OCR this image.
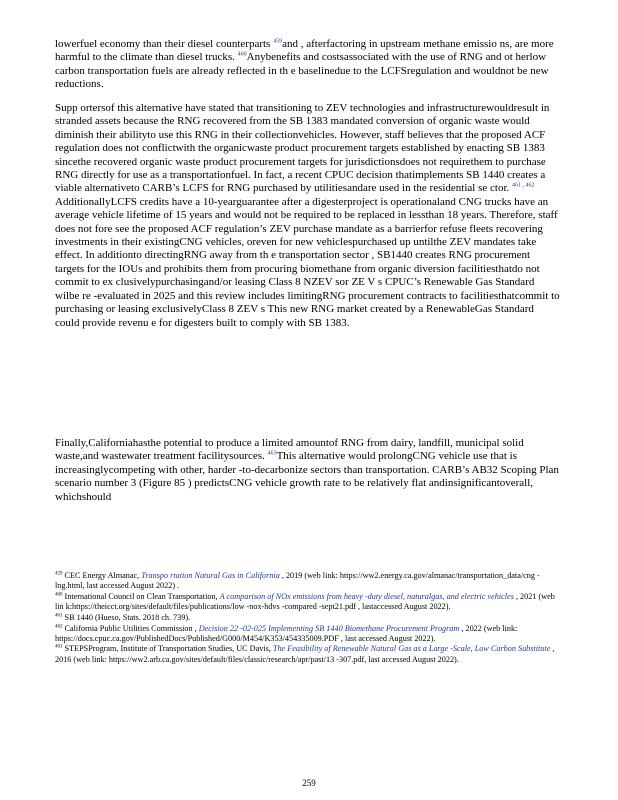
lowerfuel economy than their diesel counterparts $^{459}$and , afterfactoring in upstream methane emissio ns, are more harmful to the climate than diesel trucks. $^{460}$Anybenefits and costsassociated with the use of RNG and ot herlow carbon transportation fuels are already reflected in th e baselinedue to the LCFSregulation and wouldnot be new reductions.

Supp ortersof this alternative have stated that transitioning to ZEV technologies and infrastructurewouldresult in stranded assets because the RNG recovered from the SB 1383 mandated conversion of organic waste would diminish their abilityto use this RNG in their collectionvehicles. However, staff believes that the proposed ACF regulation does not conflictwith the organicwaste product procurement targets established by enacting SB 1383 sincethe recovered organic waste product procurement targets for jurisdictionsdoes not requirethem to purchase RNG directly for use as a transportationfuel. In fact, a recent CPUC decision thatimplements SB 1440 creates a viable alternativeto CARB’s LCFS for RNG purchased by utilitiesandare used in the residential se ctor. $^{461}$ , $^{462}$ AdditionallyLCFS credits have a 10-yearguarantee after a digesterproject is operationaland CNG trucks have an average vehicle lifetime of 15 years and would not be required to be replaced in lessthan 18 years. Therefore, staff does not fore see the proposed ACF regulation’s ZEV purchase mandate as a barrierfor refuse fleets recovering investments in their existingCNG vehicles, oreven for new vehiclespurchased up untilthe ZEV mandates take effect. In additionto directingRNG away from th e transportation sector , SB1440 creates RNG procurement targets for the IOUs and prohibits them from procuring biomethane from organic diversion facilitiesthatdo not commit to ex clusivelypurchasingand/or leasing Class 8 NZEV sor ZE V s CPUC’s Renewable Gas Standard wilbe re -evaluated in 2025 and this review includes limitingRNG procurement contracts to facilitiesthatcommit to purchasing or leasing exclusivelyClass 8 ZEV s This new RNG market created by a RenewableGas Standard could provide revenu e for digesters built to comply with SB 1383.

Finally,Californiahasthe potential to produce a limited amountof RNG from dairy, landfill, municipal solid waste,and wastewater treatment facilitysources. $^{463}$This alternative would prolongCNG vehicle use that is increasinglycompeting with other, harder -to-decarbonize sectors than transportation. CARB’s AB32 Scoping Plan scenario number 3 (Figure 85 ) predictsCNG vehicle growth rate to be relatively flat andinsignificantoverall, whichshould

$^{459}$ CEC Energy Almanac, Transpo rtation Natural Gas in California , 2019 (web link: https://ww2.energy.ca.gov/almanac/transportation_data/cng -lng.html, last accessed August 2022) .
$^{460}$ International Council on Clean Transportation, A comparison of NOx emissions from heavy -duty diesel, naturalgas, and electric vehicles , 2021 (web lin k:https://theicct.org/sites/default/files/publications/low -nox-hdvs -compared -sept21.pdf , lastaccessed August 2022).
$^{461}$ SB 1440 (Hueso, Stats. 2018 ch. 739).
$^{462}$ California Public Utilities Commission , Decision 22 -02-025 Implementing SB 1440 Biomethane Procurement Program , 2022 (web link: https://docs.cpuc.ca.gov/PublishedDocs/Published/G000/M454/K353/454335009.PDF , last accessed August 2022).
$^{463}$ STEPSProgram, Institute of Transportation Studies, UC Davis, The Feasibility of Renewable Natural Gas as a Large -Scale, Low Carbon Substitute , 2016 (web link: https://ww2.arb.ca.gov/sites/default/files/classic/research/apr/past/13 -307.pdf, last accessed August 2022).
259
